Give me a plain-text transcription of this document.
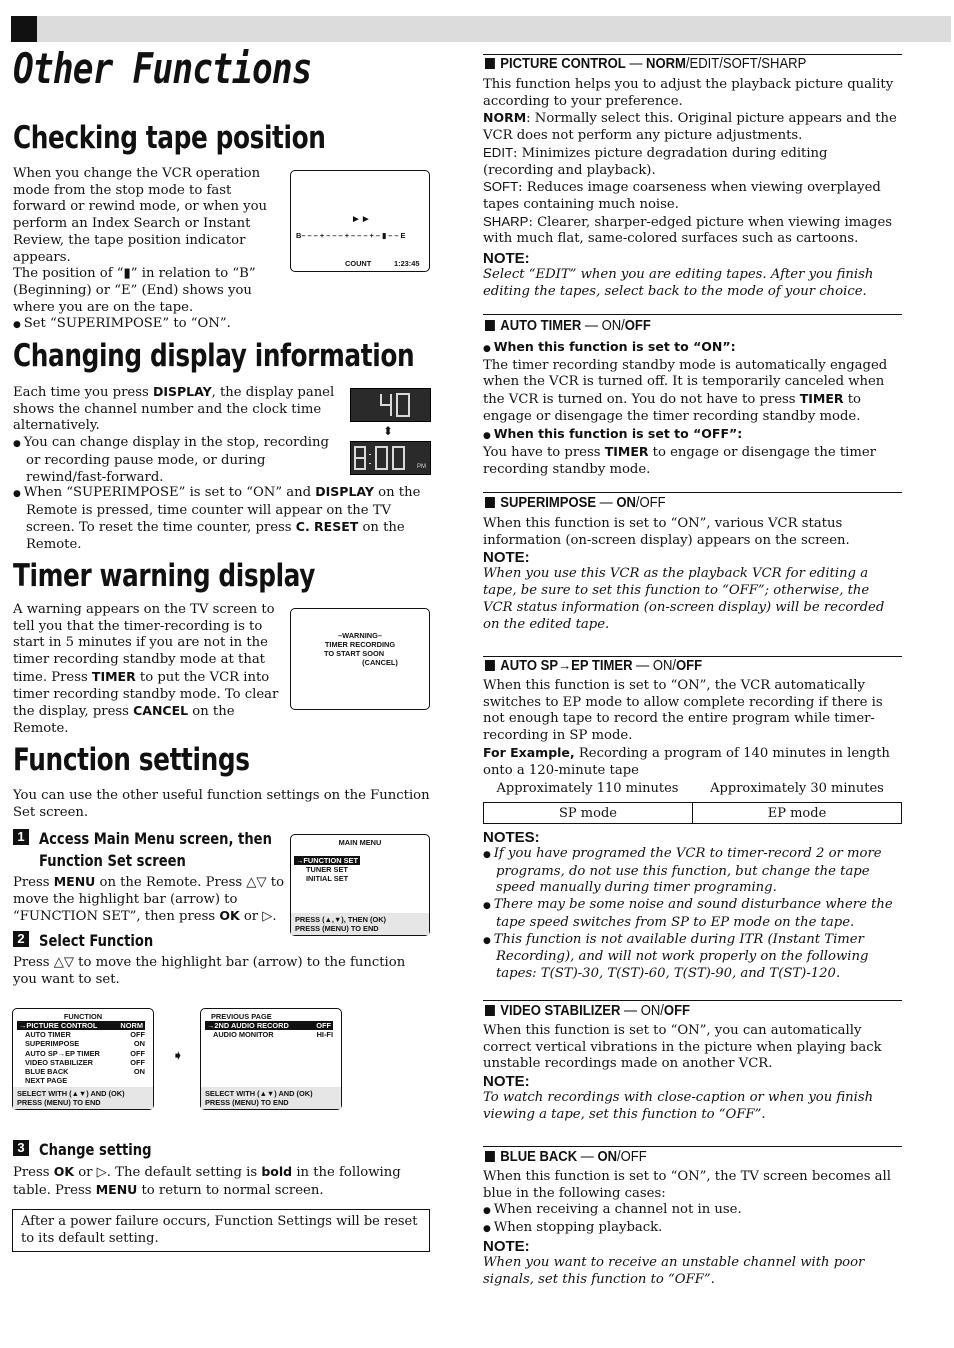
Other Functions
Checking tape position

When you change the VCR operation mode from the stop mode to fast forward or rewind mode, or when you perform an Index Search or Instant Review, the tape position indicator appears.

The position of “▮” in relation to “B” (Beginning) or “E” (End) shows you where you are on the tape.

● Set “SUPERIMPOSE” to “ON”.

►►
B– – – + – – – + – – – + – ▮ – – E
COUNT	1:23:45
Changing display information

Each time you press DISPLAY, the display panel shows the channel number and the clock time alternatively.

● You can change display in the stop, recording or recording pause mode, or during rewind/fast-forward.

● When “SUPERIMPOSE” is set to “ON” and DISPLAY on the Remote is pressed, time counter will appear on the TV screen. To reset the time counter, press C. RESET on the Remote.

⬍
PM
Timer warning display

A warning appears on the TV screen to tell you that the timer-recording is to start in 5 minutes if you are not in the timer recording standby mode at that time. Press TIMER to put the VCR into timer recording standby mode. To clear the display, press CANCEL on the Remote.

–WARNING–
TIMER RECORDING
TO START SOON
(CANCEL)
Function settings
You can use the other useful function settings on the Function Set screen.
1 Access Main Menu screen, then
Function Set screen

Press MENU on the Remote. Press △▽ to move the highlight bar (arrow) to “FUNCTION SET”, then press OK or ▷.

MAIN MENU
→FUNCTION SET
TUNER SET
INITIAL SET
PRESS (▲,▼), THEN (OK)
PRESS (MENU) TO END
2 Select Function
Press △▽ to move the highlight bar (arrow) to the function you want to set.
FUNCTION
→PICTURE CONTROL	NORM
AUTO TIMER	OFF
SUPERIMPOSE	ON
AUTO SP→EP TIMER	OFF
VIDEO STABILIZER	OFF
BLUE BACK	ON
NEXT PAGE
SELECT WITH (▲▼) AND (OK)
PRESS (MENU) TO END
➧
PREVIOUS PAGE
→2ND AUDIO RECORD	OFF
AUDIO MONITOR	HI-FI
SELECT WITH (▲▼) AND (OK)
PRESS (MENU) TO END
3 Change setting

Press OK or ▷. The default setting is bold in the following table. Press MENU to return to normal screen.

After a power failure occurs, Function Settings will be reset to its default setting.
PICTURE CONTROL — NORM/EDIT/SOFT/SHARP

This function helps you to adjust the playback picture quality according to your preference.

NORM: Normally select this. Original picture appears and the VCR does not perform any picture adjustments.

EDIT: Minimizes picture degradation during editing (recording and playback).

SOFT: Reduces image coarseness when viewing overplayed tapes containing much noise.

SHARP: Clearer, sharper-edged picture when viewing images with much flat, same-colored surfaces such as cartoons.

NOTE:

Select “EDIT” when you are editing tapes. After you finish editing the tapes, select back to the mode of your choice.

AUTO TIMER — ON/OFF

● When this function is set to “ON”:

The timer recording standby mode is automatically engaged when the VCR is turned off. It is temporarily canceled when the VCR is turned on. You do not have to press TIMER to engage or disengage the timer recording standby mode.

● When this function is set to “OFF”:

You have to press TIMER to engage or disengage the timer recording standby mode.

SUPERIMPOSE — ON/OFF

When this function is set to “ON”, various VCR status information (on-screen display) appears on the screen.

NOTE:

When you use this VCR as the playback VCR for editing a tape, be sure to set this function to “OFF”; otherwise, the VCR status information (on-screen display) will be recorded on the edited tape.

AUTO SP→EP TIMER — ON/OFF

When this function is set to “ON”, the VCR automatically switches to EP mode to allow complete recording if there is not enough tape to record the entire program while timer-recording in SP mode.

For Example, Recording a program of 140 minutes in length onto a 120-minute tape

Approximately 110 minutes	Approximately 30 minutes
SP mode	EP mode

NOTES:

● If you have programed the VCR to timer-record 2 or more programs, do not use this function, but change the tape speed manually during timer programing.

● There may be some noise and sound disturbance where the tape speed switches from SP to EP mode on the tape.

● This function is not available during ITR (Instant Timer Recording), and will not work properly on the following tapes: T(ST)-30, T(ST)-60, T(ST)-90, and T(ST)-120.

VIDEO STABILIZER — ON/OFF

When this function is set to “ON”, you can automatically correct vertical vibrations in the picture when playing back unstable recordings made on another VCR.

NOTE:

To watch recordings with close-caption or when you finish viewing a tape, set this function to “OFF”.

BLUE BACK — ON/OFF

When this function is set to “ON”, the TV screen becomes all blue in the following cases:

● When receiving a channel not in use.

● When stopping playback.

NOTE:

When you want to receive an unstable channel with poor signals, set this function to “OFF”.
